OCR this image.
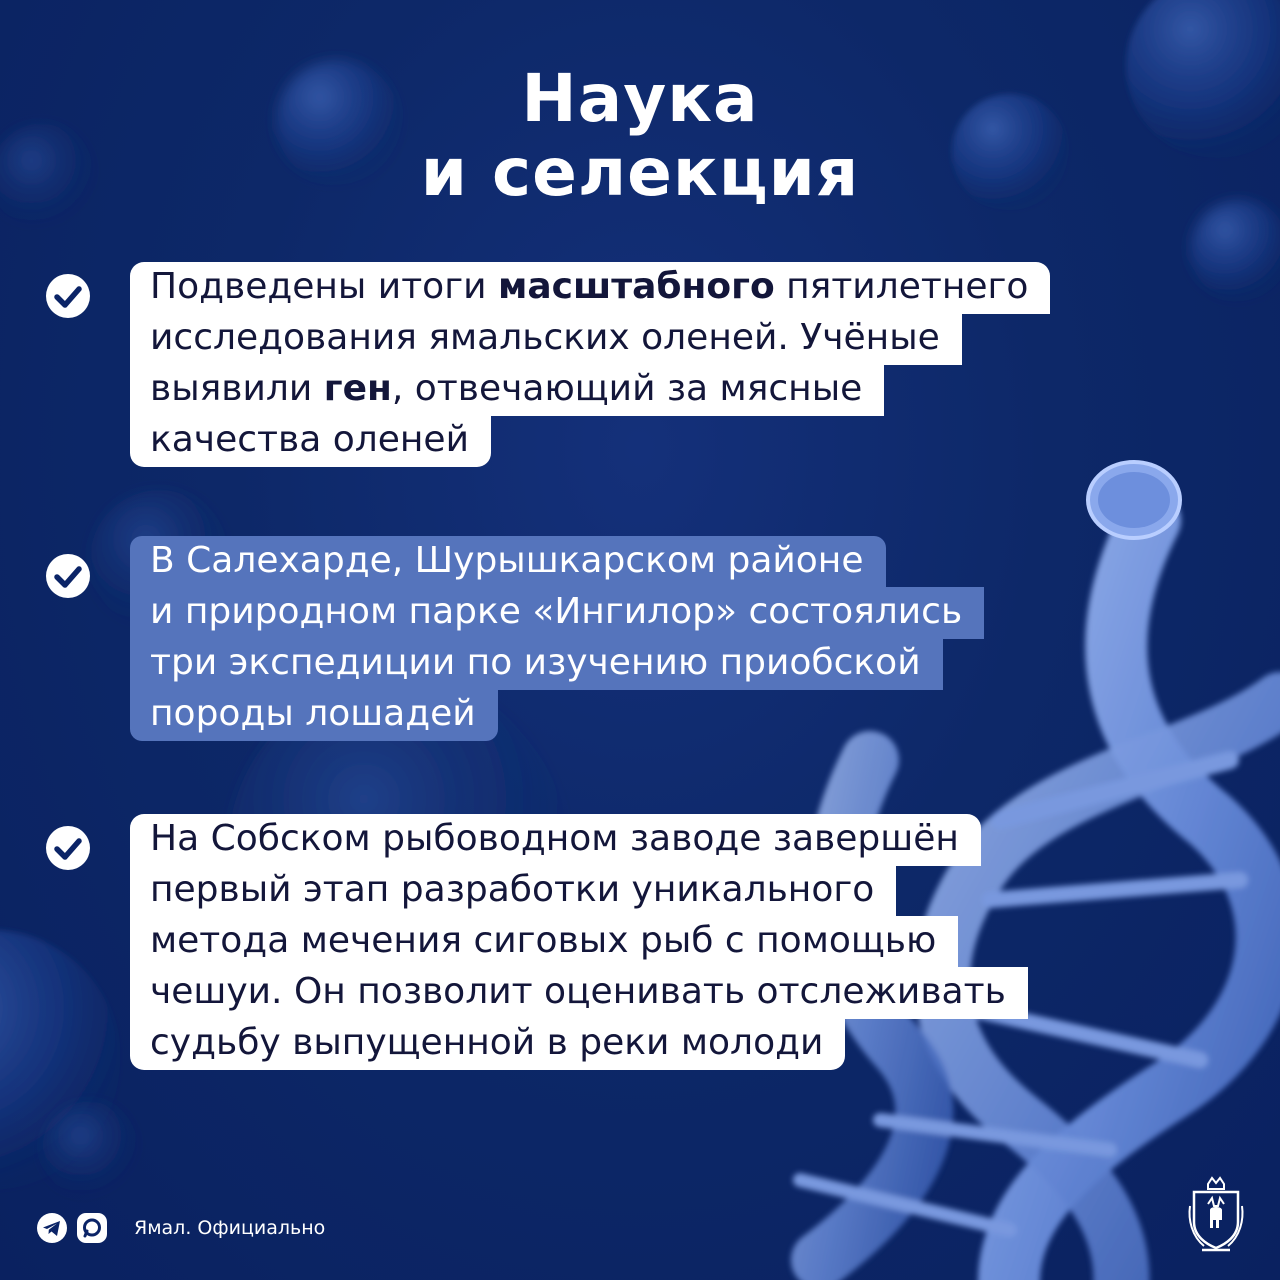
Наука
и селекция
Подведены итоги масштабного пятилетнего
исследования ямальских оленей. Учёные
выявили ген, отвечающий за мясные
качества оленей
В Салехарде, Шурышкарском районе
и природном парке «Ингилор» состоялись
три экспедиции по изучению приобской
породы лошадей
На Собском рыбоводном заводе завершён
первый этап разработки уникального
метода мечения сиговых рыб с помощью
чешуи. Он позволит оценивать отслеживать
судьбу выпущенной в реки молоди
Ямал. Официально
